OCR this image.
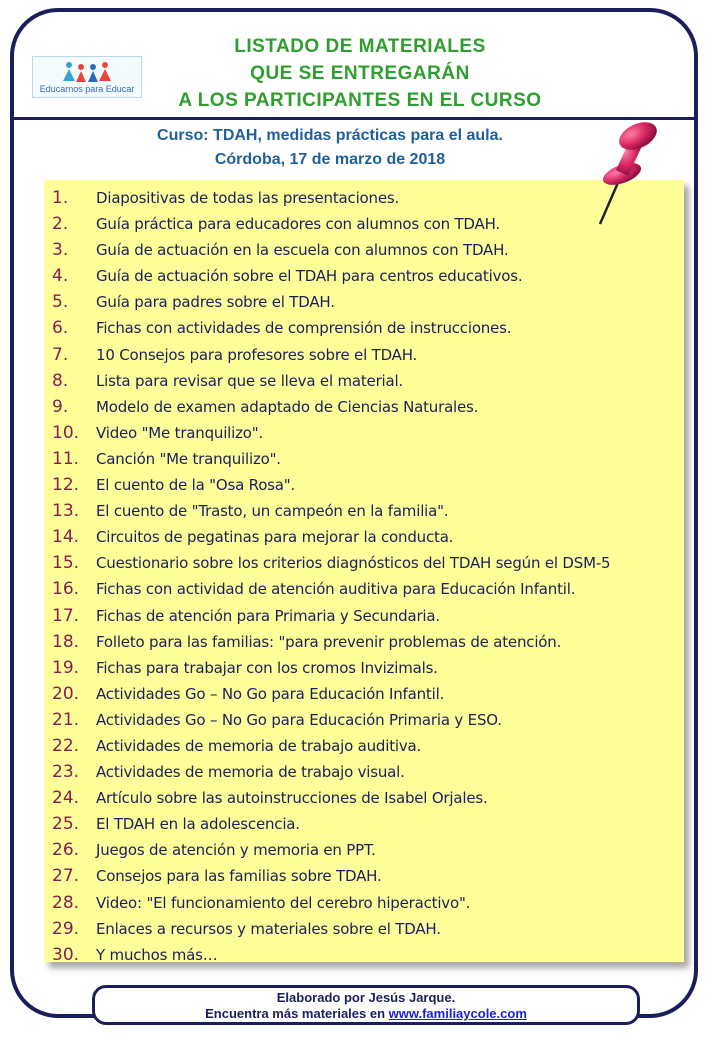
Educarnos para Educar
LISTADO DE MATERIALES
QUE SE ENTREGARÁN
A LOS PARTICIPANTES EN EL CURSO
Curso: TDAH, medidas prácticas para el aula.
Córdoba, 17 de marzo de 2018
1.	Diapositivas de todas las presentaciones.
2.	Guía práctica para educadores con alumnos con TDAH.
3.	Guía de actuación en la escuela con alumnos con TDAH.
4.	Guía de actuación sobre el TDAH para centros educativos.
5.	Guía para padres sobre el TDAH.
6.	Fichas con actividades de comprensión de instrucciones.
7.	10 Consejos para profesores sobre el TDAH.
8.	Lista para revisar que se lleva el material.
9.	Modelo de examen adaptado de Ciencias Naturales.
10.	Video "Me tranquilizo".
11.	Canción "Me tranquilizo".
12.	El cuento de la "Osa Rosa".
13.	El cuento de "Trasto, un campeón en la familia".
14.	Circuitos de pegatinas para mejorar la conducta.
15.	Cuestionario sobre los criterios diagnósticos del TDAH según el DSM-5
16.	Fichas con actividad de atención auditiva para Educación Infantil.
17.	Fichas de atención para Primaria y Secundaria.
18.	Folleto para las familias: "para prevenir problemas de atención.
19.	Fichas para trabajar con los cromos Invizimals.
20.	Actividades Go – No Go para Educación Infantil.
21.	Actividades Go – No Go para Educación Primaria y ESO.
22.	Actividades de memoria de trabajo auditiva.
23.	Actividades de memoria de trabajo visual.
24.	Artículo sobre las autoinstrucciones de Isabel Orjales.
25.	El TDAH en la adolescencia.
26.	Juegos de atención y memoria en PPT.
27.	Consejos para las familias sobre TDAH.
28.	Video: "El funcionamiento del cerebro hiperactivo".
29.	Enlaces a recursos y materiales sobre el TDAH.
30.	Y muchos más…
Elaborado por Jesús Jarque.
Encuentra más materiales en www.familiaycole.com
